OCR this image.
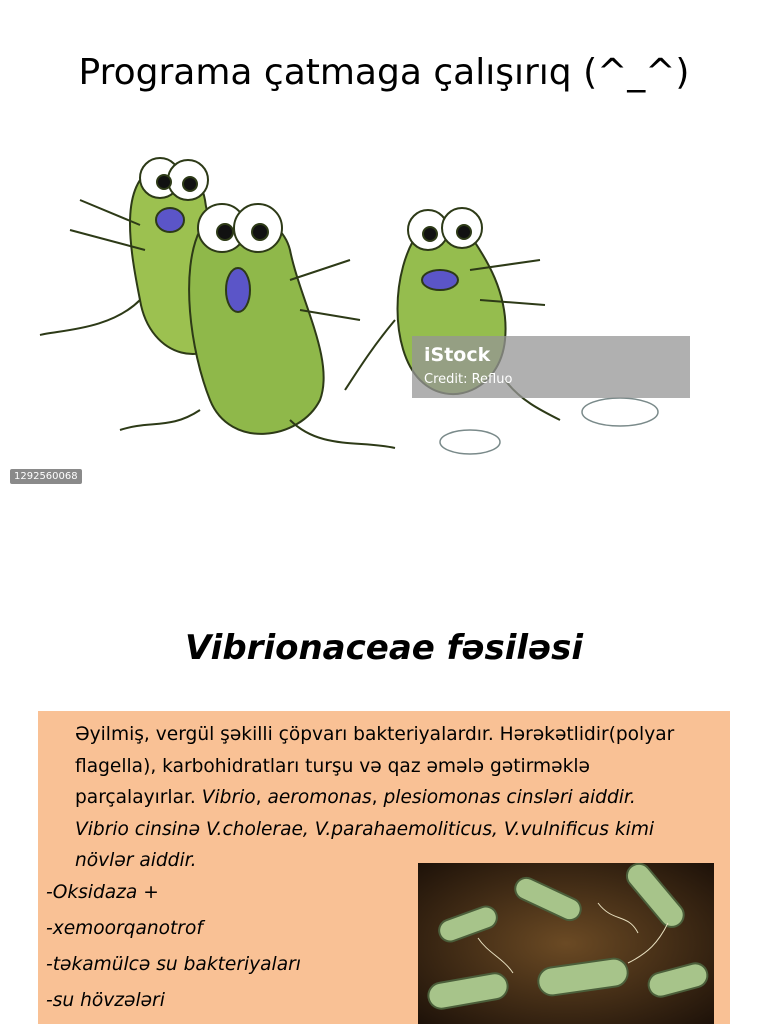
Programa çatmaga çalışırıq (^_^)
iStock
Credit: Refluo
1292560068
Vibrionaceae fəsiləsi
Əyilmiş, vergül şəkilli çöpvarı bakteriyalardır. Hərəkətlidir(polyar flagella), karbohidratları turşu və qaz əmələ gətirməklə parçalayırlar. Vibrio, aeromonas, plesiomonas cinsləri aiddir. Vibrio cinsinə V.cholerae, V.parahaemoliticus, V.vulnificus kimi növlər aiddir.
-Oksidaza +
-xemoorqanotrof
-təkamülcə su bakteriyaları
-su hövzələri
